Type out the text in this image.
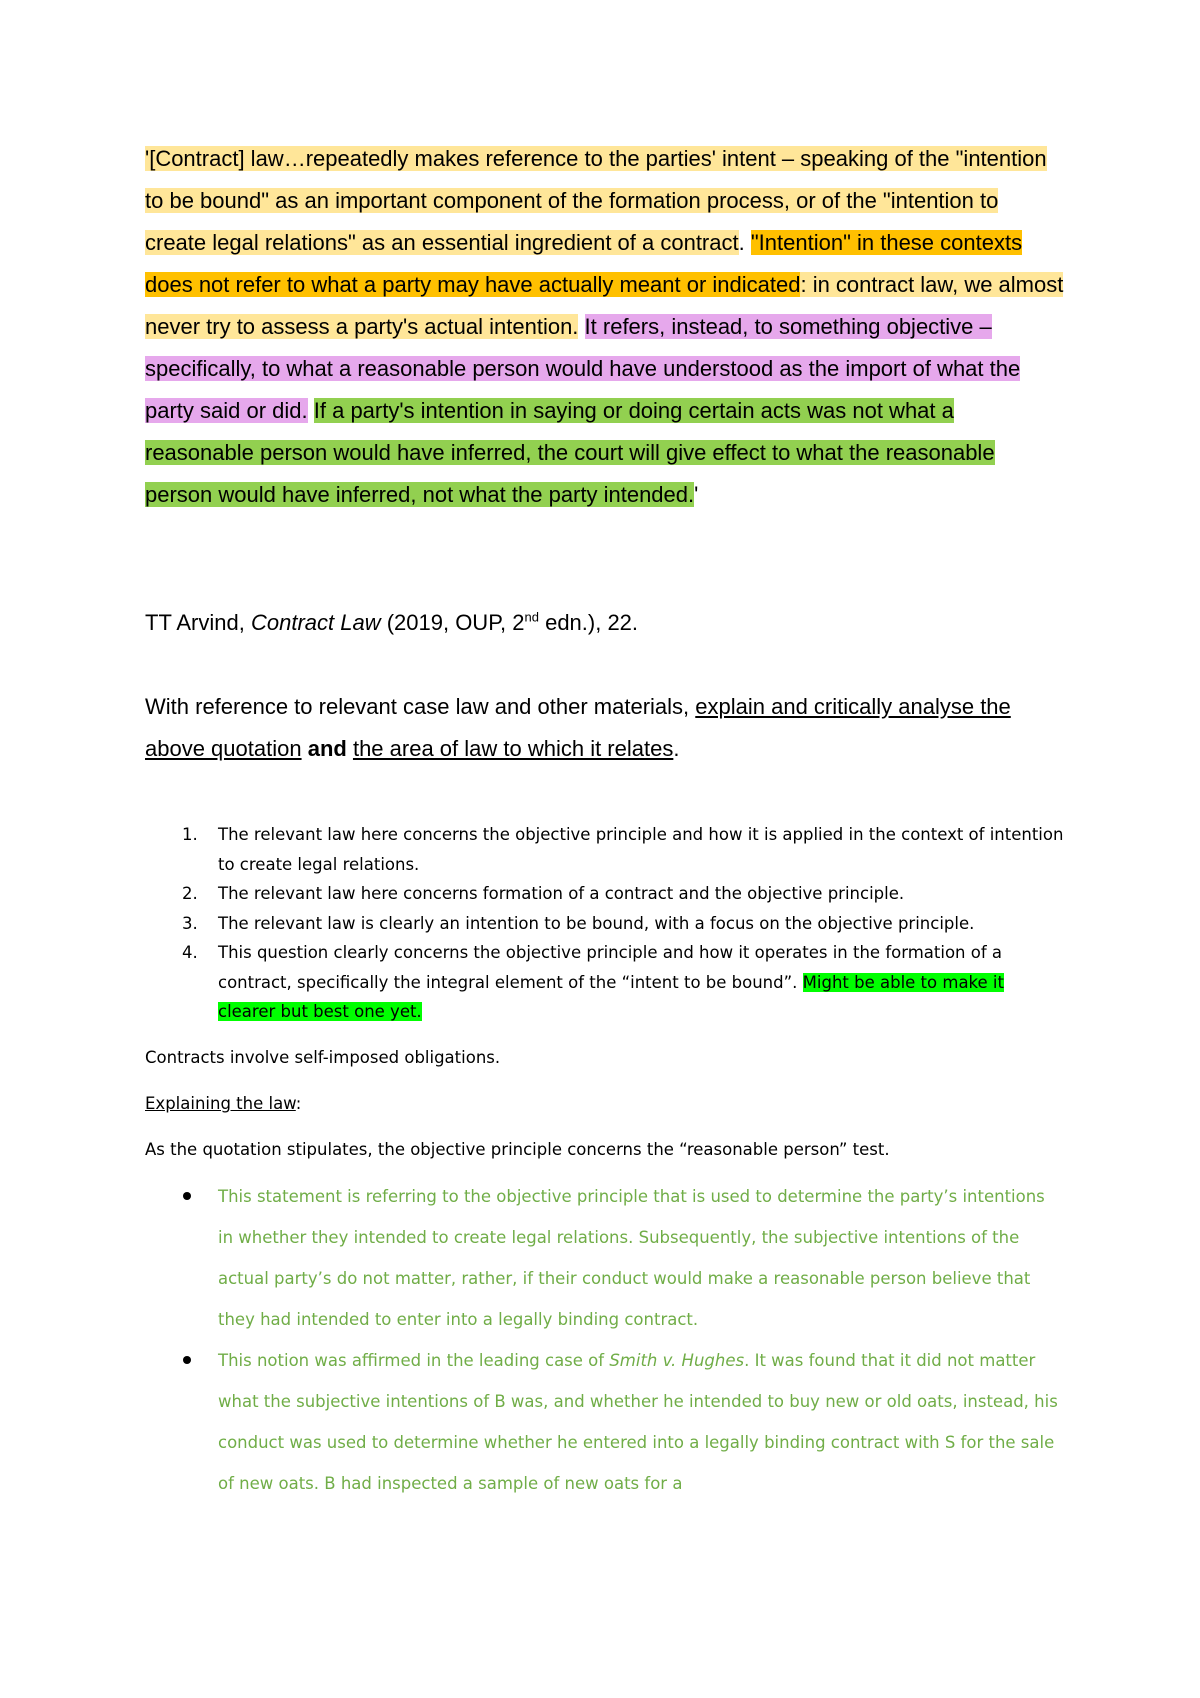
'[Contract] law…repeatedly makes reference to the parties' intent – speaking of the "intention to be bound" as an important component of the formation process, or of the "intention to create legal relations" as an essential ingredient of a contract. "Intention" in these contexts does not refer to what a party may have actually meant or indicated: in contract law, we almost never try to assess a party's actual intention. It refers, instead, to something objective – specifically, to what a reasonable person would have understood as the import of what the party said or did. If a party's intention in saying or doing certain acts was not what a reasonable person would have inferred, the court will give effect to what the reasonable person would have inferred, not what the party intended.'
TT Arvind, Contract Law (2019, OUP, 2nd edn.), 22.
With reference to relevant case law and other materials, explain and critically analyse the above quotation and the area of law to which it relates.
1. The relevant law here concerns the objective principle and how it is applied in the context of intention to create legal relations.
2. The relevant law here concerns formation of a contract and the objective principle.
3. The relevant law is clearly an intention to be bound, with a focus on the objective principle.
4. This question clearly concerns the objective principle and how it operates in the formation of a contract, specifically the integral element of the “intent to be bound”. Might be able to make it clearer but best one yet.
Contracts involve self-imposed obligations.
Explaining the law:
As the quotation stipulates, the objective principle concerns the “reasonable person” test.
This statement is referring to the objective principle that is used to determine the party’s intentions in whether they intended to create legal relations. Subsequently, the subjective intentions of the actual party’s do not matter, rather, if their conduct would make a reasonable person believe that they had intended to enter into a legally binding contract.
This notion was affirmed in the leading case of Smith v. Hughes. It was found that it did not matter what the subjective intentions of B was, and whether he intended to buy new or old oats, instead, his conduct was used to determine whether he entered into a legally binding contract with S for the sale of new oats. B had inspected a sample of new oats for a
